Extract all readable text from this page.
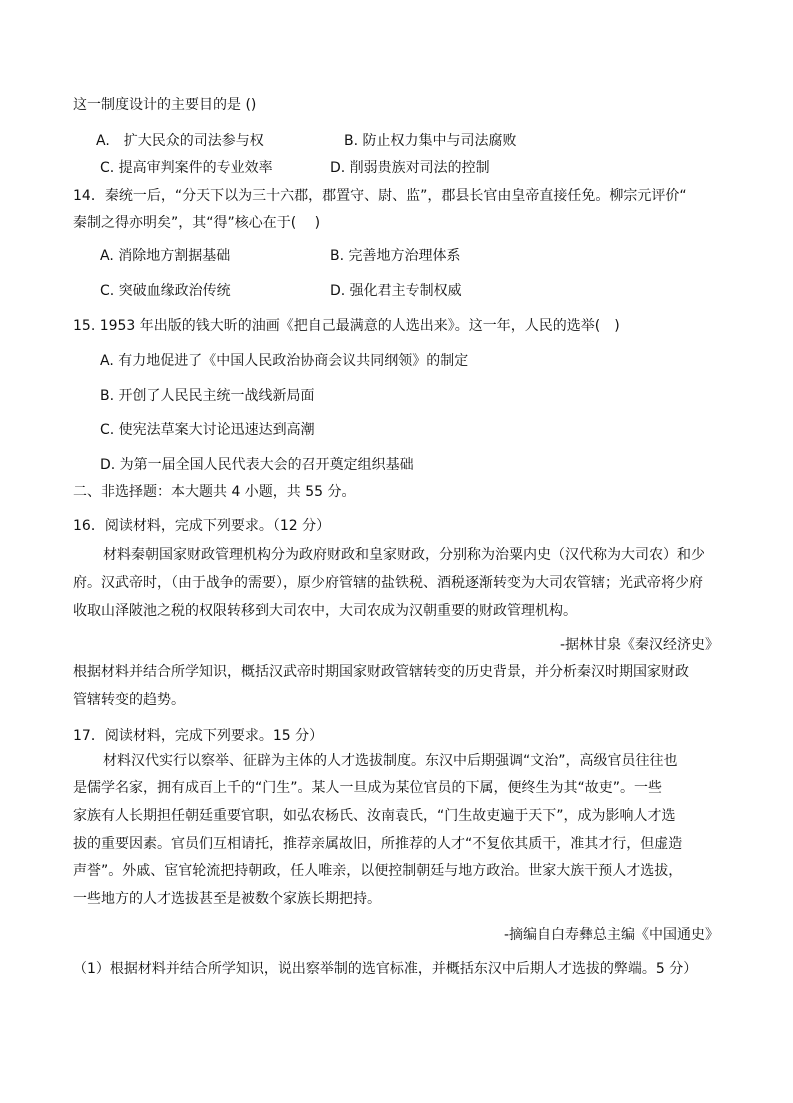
这一制度设计的主要目的是 ()
A.　扩大民众的司法参与权	B. 防止权力集中与司法腐败
C. 提高审判案件的专业效率	D. 削弱贵族对司法的控制
14．秦统一后，“分天下以为三十六郡，郡置守、尉、监”，郡县长官由皇帝直接任免。柳宗元评价“
秦制之得亦明矣”，其“得”核心在于(　 )
A. 消除地方割据基础	B. 完善地方治理体系
C. 突破血缘政治传统	D. 强化君主专制权威
15. 1953 年出版的钱大昕的油画《把自己最满意的人选出来》。这一年，人民的选举(　)
A. 有力地促进了《中国人民政治协商会议共同纲领》的制定
B. 开创了人民民主统一战线新局面
C. 使宪法草案大讨论迅速达到高潮
D. 为第一届全国人民代表大会的召开奠定组织基础
二、非选择题：本大题共 4 小题，共 55 分。
16．阅读材料，完成下列要求。（12 分）
材料秦朝国家财政管理机构分为政府财政和皇家财政，分别称为治粟内史（汉代称为大司农）和少
府。汉武帝时，（由于战争的需要），原少府管辖的盐铁税、酒税逐渐转变为大司农管辖；光武帝将少府
收取山泽陂池之税的权限转移到大司农中，大司农成为汉朝重要的财政管理机构。
-据林甘泉《秦汉经济史》
根据材料并结合所学知识，概括汉武帝时期国家财政管辖转变的历史背景，并分析秦汉时期国家财政
管辖转变的趋势。
17．阅读材料，完成下列要求。15 分）
材料汉代实行以察举、征辟为主体的人才选拔制度。东汉中后期强调“文治”，高级官员往往也
是儒学名家，拥有成百上千的“门生”。某人一旦成为某位官员的下属，便终生为其“故吏”。一些
家族有人长期担任朝廷重要官职，如弘农杨氏、汝南袁氏，“门生故吏遍于天下”，成为影响人才选
拔的重要因素。官员们互相请托，推荐亲属故旧，所推荐的人才“不复依其质干，准其才行，但虚造
声誉”。外戚、宦官轮流把持朝政，任人唯亲，以便控制朝廷与地方政治。世家大族干预人才选拔，
一些地方的人才选拔甚至是被数个家族长期把持。
-摘编自白寿彝总主编《中国通史》
（1）根据材料并结合所学知识，说出察举制的选官标准，并概括东汉中后期人才选拔的弊端。5 分）
